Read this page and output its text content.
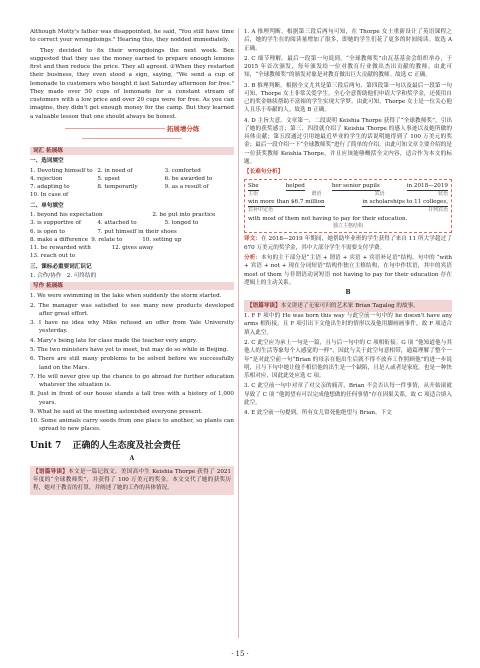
Although Motty's father was disappointed, he said, "You still have time to correct your wrongdoings." Hearing this, they nodded immediately.

They decided to fix their wrongdoings the next week. Ben suggested that they use the money earned to prepare enough lemons first and then reduce the price. They all agreed. ②When they restarted their business, they even stood a sign, saying, "We send a cup of lemonade to customers who bought it last Saturday afternoon for free." They made over 50 cups of lemonade for a constant stream of customers with a low price and over 20 cups were for free. As you can imagine, they didn't get enough money for the camp. But they learned a valuable lesson that one should always be honest.

拓展增分练
词汇 拓展练
一、选词填空
1. Devoting himself to 2. in need of	3. comforted
4. rejection	5. upset	6. be awarded to
7. adapting to	8. temporarily	9. as a result of
10. In case of
二、单句填空
1. beyond his expectation	2. be put into practice
3. is supportive of	4. attached to	5. longed to
6. is open to	7. put himself in their shoes
8. make a difference 9. relate to	10. setting up
11. be rewarded with	12. gives away
13. reach out to
三、课标必重要词汇识记
1. 合作/协作 2. 可终结的
写作 拓展练

1. We were swimming in the lake when suddenly the storm started.

2. The manager was satisfied to see many new products developed after great effort.

3. I have no idea why Mike refused an offer from Yale University yesterday.

4. Mary's being late for class made the teacher very angry.

5. The two ministers have yet to meet, but may do so while in Beijing.

6. There are still many problems to be solved before we successfully land on the Mars.

7. He will never give up the chance to go abroad for further education whatever the situation is.

8. Just in front of our house stands a tall tree with a history of 1,000 years.

9. What he said at the meeting astonished everyone present.

10. Some animals carry seeds from one place to another, so plants can spread to new places.

Unit 7 正确的人生态度及社会责任
A
【语篇导读】本文是一篇记叙文。美国高中生 Keishia Thorpe 获得了 2021 年度的“全球教师奖”，并获得了 100 万美元的奖金。本文交代了她的获奖历程，她对于教育的打算，并阐述了她的工作的具体情况。

1. A 推理判断。根据第三段后两句可知，在 Thorpe 女士重新设计了英语课程之后，她的学生在的阅读量增加了很多，即她的学生们花了更多的时间阅读。故选 A 正确。

2. C 细节理解。最后一段第一句说到，“全球教师奖”由瓦基基金会组织举办，于 2015 年首次颁发，每年颁发给一位对教育行业做出杰出贡献的教师。由此可知，“全球教师奖”的颁发对象是对教育做出巨大贡献的教师。故选 C 正确。

3. B 推理判断。根据全文尤其是第三段后两句、第四段第一句以及最后一段第一句可知，Thorpe 女士非常关爱学生，全心全意帮助他们申请大学和奖学金，还使用自己的奖金继续帮助不富裕的学生实现大学梦。由此可知，Thorpe 女士是一位关心他人且乐于奉献的人。故选 B 正确。

4. D 主旨大意。文章第一、二段说明 Keishia Thorpe 获得了“全球教师奖”，引出了她的获奖感言；第三、四段就介绍了 Keishia Thorpe 的感人事迹以及她所做的具体贡献；第五段通过引用她最近毕业的学生的话说明她得到了 100 万美元的奖金；最后一段介绍一下“全球教师奖”进行了简单的介绍。由此可知文章主要介绍的是一位获奖教师 Keishia Thorpe，并且应该能够概括全文内容，适合作为本文的标题。

【长难句分析】
She	helped	her senior pupils	in 2018—2019
主语	谓语	宾语	状语
win more than $6.7 million	in scholarships to 11 colleges,
宾补中定语	并列宾语
with most of them not having to pay for their education.
独立主格结构

译文：在 2018—2019 年期间，她帮助毕业班的学生获得了来自 11 所大学超过了 670 万美元的奖学金，其中大部分学生不需要支付学费。

分析：本句的主干部分是“主语 + 谓语 + 宾语 + 宾语补足语”结构。句中的 “with + 宾语 + not + 现在分词短语”结构作独立主格结构，在句中作状语，其中的宾语 most of them 与非谓语动词短语 not having to pay for their education 存在逻辑上的主动关系。

B
【语篇导读】本文讲述了无家可归的艺术家 Brian Tagalog 的故事。

1. F F 项中的 He was born this way 与此空前一句中的 he doesn't have any arms 相衔接，且 F 项引出下文他出生时的情形以及他用脚画画事件，故 F 项适合填入此空。

2. C 此空应为承上一句是一篇，且与后一句中的 C 项相衔接。G 项 “他知道他与其他人的生活等象每个人感觉的一样”，因此与关于此空句意相带，通篇理解了整个一年”是对此空前一句“Brian 的母亲在他出生后就不得不放弃工作照顾他”的进一步说明，且与下句中她让他不相信他的出生是一个缺陷，且是人或者是家庭。也是一种快乐相对应，因此此处应选 C 项。

3. C 此空前一句中对章了对父亲的痛苦，Brian 不会否认每一件事情，从开始滚就导致了 C 项 “他渴望有可以完成他想做的任何事情”存在因果关系，故 C 项适合填入此空。

4. E 此空前一句提到，所有女儿常死他绝望与 Brian。下文

· 15 ·
